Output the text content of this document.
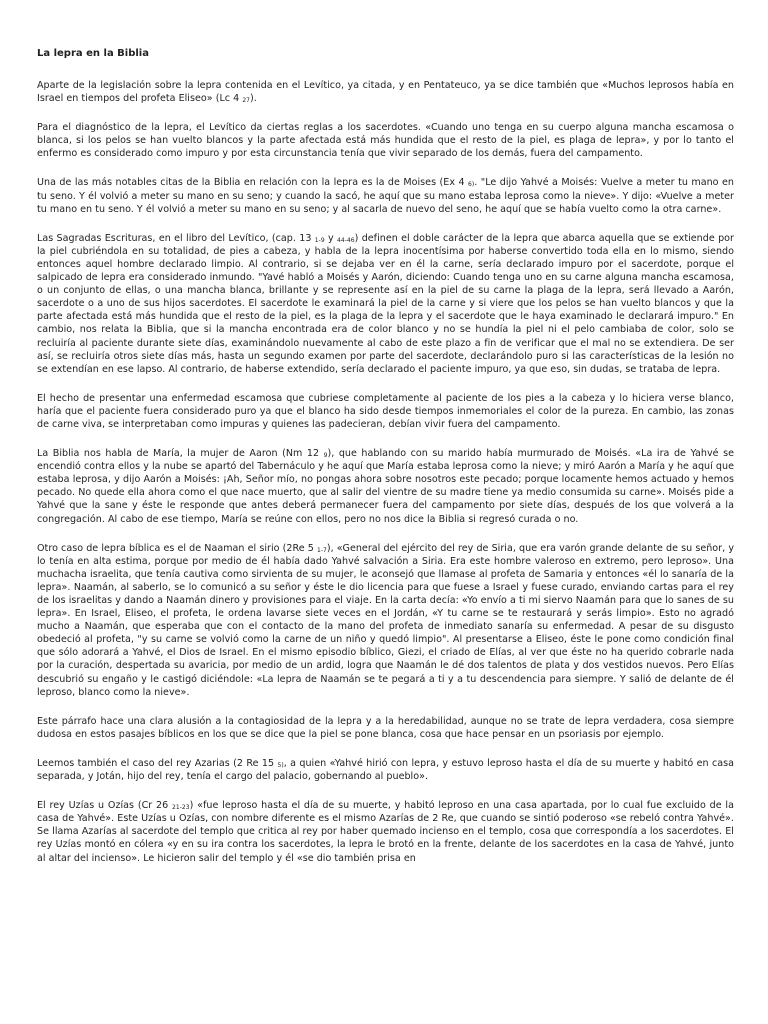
La lepra en la Biblia

Aparte de la legislación sobre la lepra contenida en el Levítico, ya citada, y en Pentateuco, ya se dice también que «Muchos leprosos había en Israel en tiempos del profeta Eliseo» (Lc 4 $_{27}$).

Para el diagnóstico de la lepra, el Levítico da ciertas reglas a los sacerdotes. «Cuando uno tenga en su cuerpo alguna mancha escamosa o blanca, si los pelos se han vuelto blancos y la parte afectada está más hundida que el resto de la piel, es plaga de lepra», y por lo tanto el enfermo es considerado como impuro y por esta circunstancia tenía que vivir separado de los demás, fuera del campamento.

Una de las más notables citas de la Biblia en relación con la lepra es la de Moises (Ex 4 $_{6)}$. "Le dijo Yahvé a Moisés: Vuelve a meter tu mano en tu seno. Y él volvió a meter su mano en su seno; y cuando la sacó, he aquí que su mano estaba leprosa como la nieve». Y dijo: «Vuelve a meter tu mano en tu seno. Y él volvió a meter su mano en su seno; y al sacarla de nuevo del seno, he aquí que se había vuelto como la otra carne».

Las Sagradas Escrituras, en el libro del Levítico, (cap. 13 $_{1-9}$ y $_{44-46}$) definen el doble carácter de la lepra que abarca aquella que se extiende por la piel cubriéndola en su totalidad, de pies a cabeza, y habla de la lepra inocentísima por haberse convertido toda ella en lo mismo, siendo entonces aquel hombre declarado limpio. Al contrario, si se dejaba ver en él la carne, sería declarado impuro por el sacerdote, porque el salpicado de lepra era considerado inmundo. "Yavé habló a Moisés y Aarón, diciendo: Cuando tenga uno en su carne alguna mancha escamosa, o un conjunto de ellas, o una mancha blanca, brillante y se represente así en la piel de su carne la plaga de la lepra, será llevado a Aarón, sacerdote o a uno de sus hijos sacerdotes. El sacerdote le examinará la piel de la carne y si viere que los pelos se han vuelto blancos y que la parte afectada está más hundida que el resto de la piel, es la plaga de la lepra y el sacerdote que le haya examinado le declarará impuro." En cambio, nos relata la Biblia, que si la mancha encontrada era de color blanco y no se hundía la piel ni el pelo cambiaba de color, solo se recluiría al paciente durante siete días, examinándolo nuevamente al cabo de este plazo a fin de verificar que el mal no se extendiera. De ser así, se recluiría otros siete días más, hasta un segundo examen por parte del sacerdote, declarándolo puro si las características de la lesión no se extendían en ese lapso. Al contrario, de haberse extendido, sería declarado el paciente impuro, ya que eso, sin dudas, se trataba de lepra.

El hecho de presentar una enfermedad escamosa que cubriese completamente al paciente de los pies a la cabeza y lo hiciera verse blanco, haría que el paciente fuera considerado puro ya que el blanco ha sido desde tiempos inmemoriales el color de la pureza. En cambio, las zonas de carne viva, se interpretaban como impuras y quienes las padecieran, debían vivir fuera del campamento.

La Biblia nos habla de María, la mujer de Aaron (Nm 12 $_9$), que hablando con su marido había murmurado de Moisés. «La ira de Yahvé se encendió contra ellos y la nube se apartó del Tabernáculo y he aquí que María estaba leprosa como la nieve; y miró Aarón a María y he aquí que estaba leprosa, y dijo Aarón a Moisés: ¡Ah, Señor mío, no pongas ahora sobre nosotros este pecado; porque locamente hemos actuado y hemos pecado. No quede ella ahora como el que nace muerto, que al salir del vientre de su madre tiene ya medio consumida su carne». Moisés pide a Yahvé que la sane y éste le responde que antes deberá permanecer fuera del campamento por siete días, después de los que volverá a la congregación. Al cabo de ese tiempo, María se reúne con ellos, pero no nos dice la Biblia si regresó curada o no.

Otro caso de lepra bíblica es el de Naaman el sirio (2Re 5 $_{1-7}$), «General del ejército del rey de Siria, que era varón grande delante de su señor, y lo tenía en alta estima, porque por medio de él había dado Yahvé salvación a Siria. Era este hombre valeroso en extremo, pero leproso». Una muchacha israelita, que tenía cautiva como sirvienta de su mujer, le aconsejó que llamase al profeta de Samaria y entonces «él lo sanaría de la lepra». Naamán, al saberlo, se lo comunicó a su señor y éste le dio licencia para que fuese a Israel y fuese curado, enviando cartas para el rey de los israelitas y dando a Naamán dinero y provisiones para el viaje. En la carta decía: «Yo envío a ti mi siervo Naamán para que lo sanes de su lepra». En Israel, Eliseo, el profeta, le ordena lavarse siete veces en el Jordán, «Y tu carne se te restaurará y serás limpio». Esto no agradó mucho a Naamán, que esperaba que con el contacto de la mano del profeta de inmediato sanaría su enfermedad. A pesar de su disgusto obedeció al profeta, "y su carne se volvió como la carne de un niño y quedó limpio". Al presentarse a Eliseo, éste le pone como condición final que sólo adorará a Yahvé, el Dios de Israel. En el mismo episodio bíblico, Giezi, el criado de Elías, al ver que éste no ha querido cobrarle nada por la curación, despertada su avaricia, por medio de un ardid, logra que Naamán le dé dos talentos de plata y dos vestidos nuevos. Pero Elías descubrió su engaño y le castigó diciéndole: «La lepra de Naamán se te pegará a ti y a tu descendencia para siempre. Y salió de delante de él leproso, blanco como la nieve».

Este párrafo hace una clara alusión a la contagiosidad de la lepra y a la heredabilidad, aunque no se trate de lepra verdadera, cosa siempre dudosa en estos pasajes bíblicos en los que se dice que la piel se pone blanca, cosa que hace pensar en un psoriasis por ejemplo.

Leemos también el caso del rey Azarias (2 Re 15 $_{5)}$, a quien «Yahvé hirió con lepra, y estuvo leproso hasta el día de su muerte y habitó en casa separada, y Jotán, hijo del rey, tenía el cargo del palacio, gobernando al pueblo».

El rey Uzías u Ozías (Cr 26 $_{21-23}$) «fue leproso hasta el día de su muerte, y habitó leproso en una casa apartada, por lo cual fue excluido de la casa de Yahvé». Este Uzías u Ozías, con nombre diferente es el mismo Azarías de 2 Re, que cuando se sintió poderoso «se rebeló contra Yahvé». Se llama Azarías al sacerdote del templo que critica al rey por haber quemado incienso en el templo, cosa que correspondía a los sacerdotes. El rey Uzías montó en cólera «y en su ira contra los sacerdotes, la lepra le brotó en la frente, delante de los sacerdotes en la casa de Yahvé, junto al altar del incienso». Le hicieron salir del templo y él «se dio también prisa en
